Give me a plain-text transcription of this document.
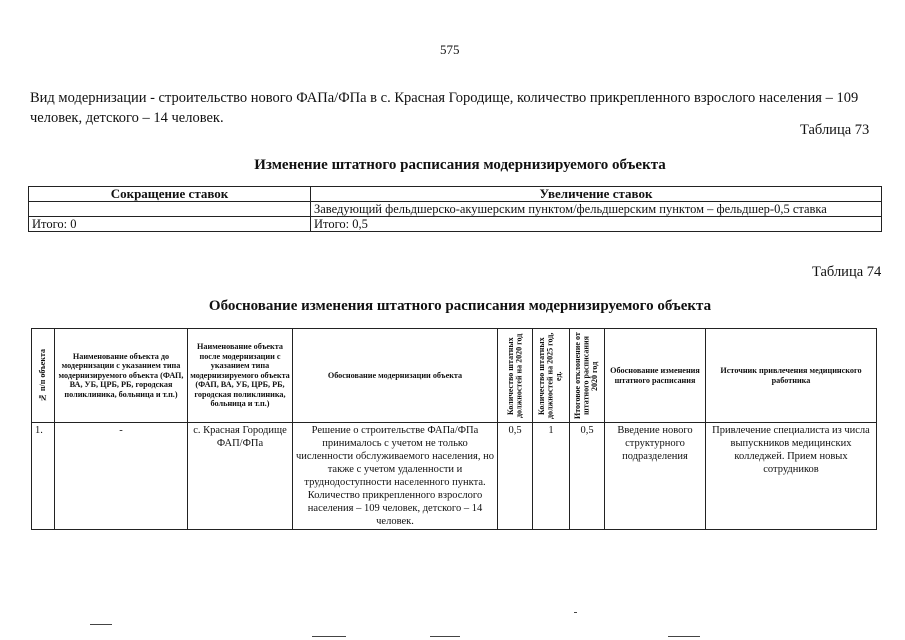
575
Вид модернизации - строительство нового ФАПа/ФПа в с. Красная Городище, количество прикрепленного взрослого населения – 109 человек, детского – 14 человек.
Таблица 73
Изменение штатного расписания модернизируемого объекта
Сокращение ставок	Увеличение ставок
	Заведующий фельдшерско-акушерским пунктом/фельдшерским пунктом – фельдшер-0,5 ставка
Итого: 0	Итого: 0,5
Таблица 74
Обоснование изменения штатного расписания модернизируемого объекта
№ п/п объекта	Наименование объекта до модернизации с указанием типа модернизируемого объекта (ФАП, ВА, УБ, ЦРБ, РБ, городская поликлиника, больница и т.п.)	Наименование объекта после модернизации с указанием типа модернизируемого объекта (ФАП, ВА, УБ, ЦРБ, РБ, городская поликлиника, больница и т.п.)	Обоснование модернизации объекта	Количество штатных должностей на 2020 год	Количество штатных должностей на 2025 год, ед.	Итоговое отклонение от штатного расписания 2020 год	Обоснование изменения штатного расписания	Источник привлечения медицинского работника
1.	-	с. Красная Городище ФАП/ФПа	Решение о строительстве ФАПа/ФПа принималось с учетом не только численности обслуживаемого населения, но также с учетом удаленности и труднодоступности населенного пункта. Количество прикрепленного взрослого населения – 109 человек, детского – 14 человек.	0,5	1	0,5	Введение нового структурного подразделения	Привлечение специалиста из числа выпускников медицинских колледжей. Прием новых сотрудников
